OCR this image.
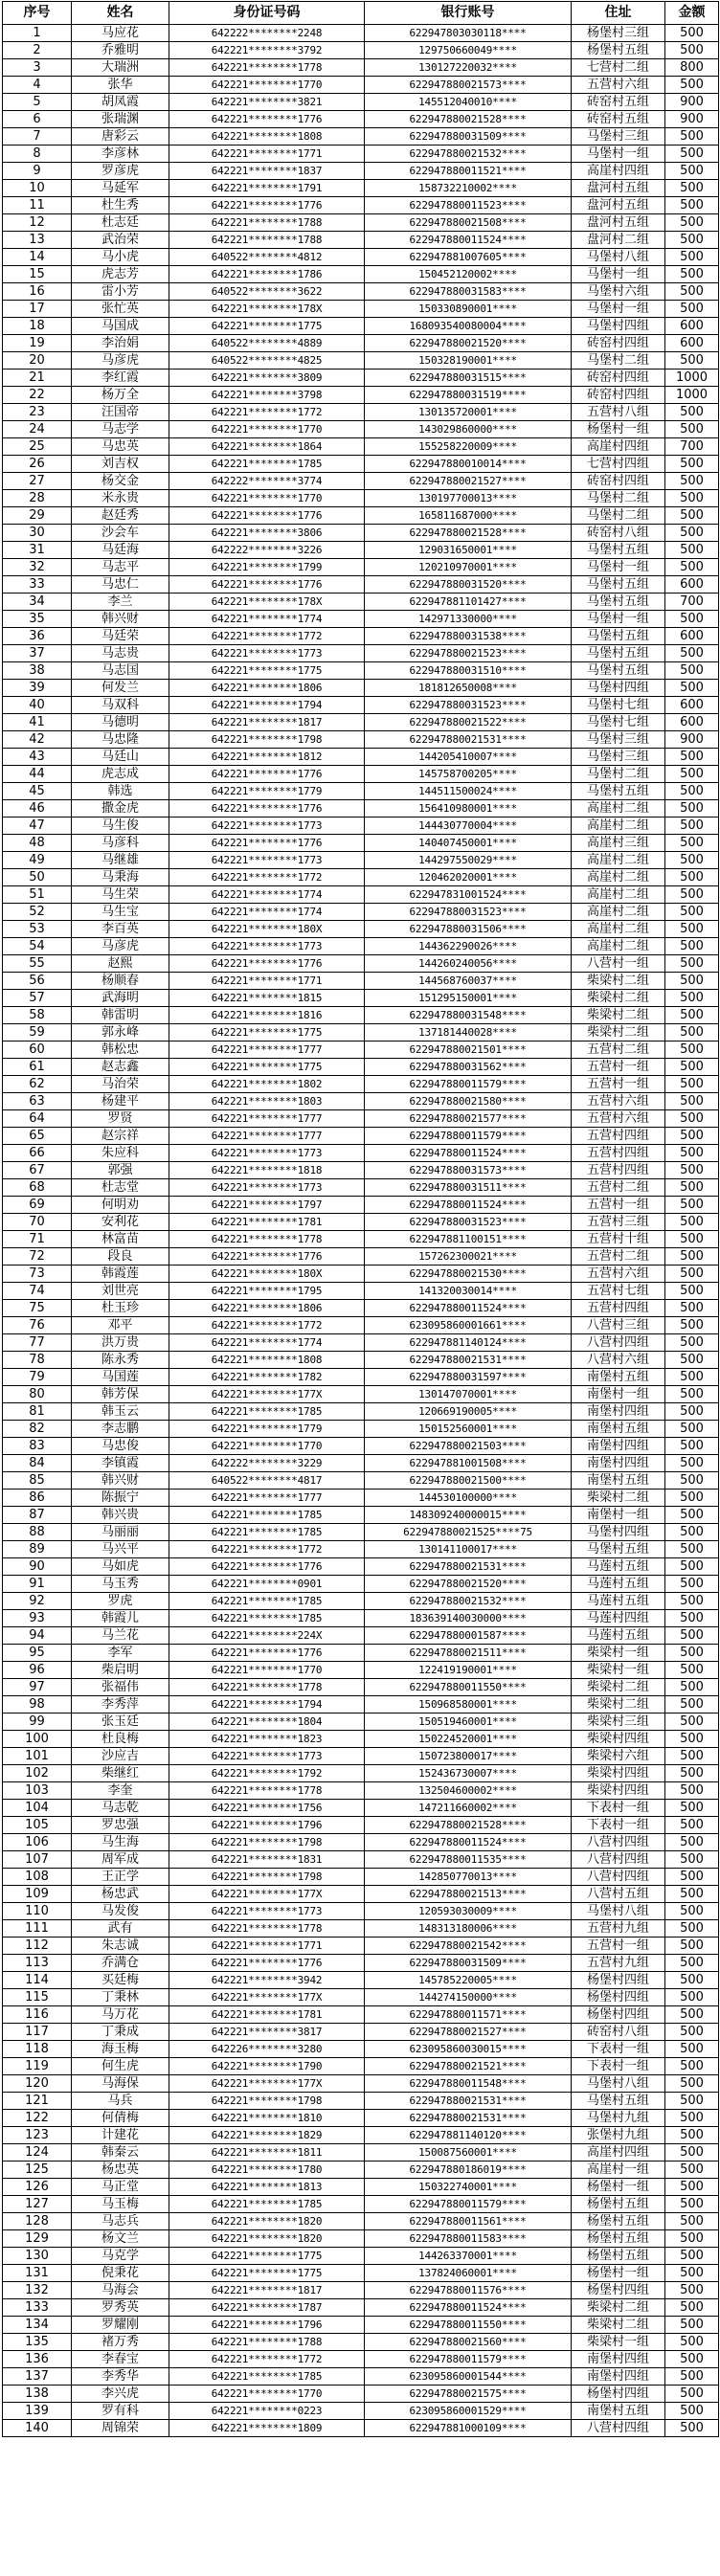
序号	姓名	身份证号码	银行账号	住址	金额
1	马应花	642222********2248	622947803030118****	杨堡村三组	500
2	乔雅明	642221********3792	129750660049****	杨堡村五组	500
3	大瑞洲	642221********1778	130127220032****	七营村二组	800
4	张华	642221********1770	622947880021573****	五营村六组	500
5	胡凤霞	642221********3821	145512040010****	砖窑村五组	900
6	张瑞渊	642221********1776	622947880021528****	砖窑村五组	900
7	唐彩云	642221********1808	622947880031509****	马堡村三组	500
8	李彦林	642221********1771	622947880021532****	马堡村一组	500
9	罗彦虎	642221********1837	622947880011521****	高崖村四组	500
10	马延军	642221********1791	158732210002****	盘河村五组	500
11	杜生秀	642221********1776	622947880011523****	盘河村五组	500
12	杜志廷	642221********1788	622947880021508****	盘河村五组	500
13	武治荣	642221********1788	622947880011524****	盘河村二组	500
14	马小虎	640522********4812	622947881007605****	马堡村八组	500
15	虎志芳	642221********1786	150452120002****	马堡村一组	500
16	雷小芳	640522********3622	622947880031583****	马堡村六组	500
17	张忙英	642221********178X	150330890001****	马堡村一组	500
18	马国成	642221********1775	168093540080004****	马堡村四组	600
19	李治娟	640522********4889	622947880021520****	砖窑村四组	600
20	马彦虎	640522********4825	150328190001****	马堡村二组	500
21	李红霞	642221********3809	622947880031515****	砖窑村四组	1000
22	杨万全	642221********3798	622947880031519****	砖窑村四组	1000
23	汪国帝	642221********1772	130135720001****	五营村八组	500
24	马志学	642221********1770	143029860000****	杨堡村一组	500
25	马忠英	642221********1864	155258220009****	高崖村四组	700
26	刘吉权	642221********1785	622947880010014****	七营村四组	500
27	杨交金	642222********3774	622947880021527****	砖窑村四组	500
28	米永贵	642221********1770	130197700013****	马堡村二组	500
29	赵廷秀	642221********1776	165811687000****	马堡村二组	500
30	沙会车	642221********3806	622947880021528****	砖窑村八组	500
31	马廷海	642222********3226	129031650001****	马堡村五组	500
32	马志平	642221********1799	120210970001****	马堡村一组	500
33	马忠仁	642221********1776	622947880031520****	马堡村五组	600
34	李兰	642221********178X	622947881101427****	马堡村五组	700
35	韩兴财	642221********1774	142971330000****	马堡村一组	500
36	马廷荣	642221********1772	622947880031538****	马堡村五组	600
37	马志贵	642221********1773	622947880021523****	马堡村五组	500
38	马志国	642221********1775	622947880031510****	马堡村五组	500
39	何发兰	642221********1806	181812650008****	马堡村四组	500
40	马双科	642221********1794	622947880031523****	马堡村七组	600
41	马德明	642221********1817	622947880021522****	马堡村七组	600
42	马忠隆	642221********1798	622947880021531****	马堡村三组	900
43	马廷山	642221********1812	144205410007****	马堡村三组	500
44	虎志成	642221********1776	145758700205****	马堡村二组	500
45	韩选	642221********1779	144511500024****	马堡村五组	500
46	撒金虎	642221********1776	156410980001****	高崖村二组	500
47	马生俊	642221********1773	144430770004****	高崖村二组	500
48	马彦科	642221********1776	140407450001****	高崖村三组	500
49	马继雄	642221********1773	144297550029****	高崖村二组	500
50	马秉海	642221********1772	120462020001****	高崖村二组	500
51	马生荣	642221********1774	622947831001524****	高崖村二组	500
52	马生宝	642221********1774	622947880031523****	高崖村二组	500
53	李百英	642221********180X	622947880031506****	高崖村二组	500
54	马彦虎	642221********1773	144362290026****	高崖村二组	500
55	赵熙	642221********1776	144260240056****	八营村一组	500
56	杨顺春	642221********1771	144568760037****	柴梁村二组	500
57	武海明	642221********1815	151295150001****	柴梁村二组	500
58	韩雷明	642221********1816	622947880031548****	柴梁村二组	500
59	郭永峰	642221********1775	137181440028****	柴梁村二组	500
60	韩松忠	642221********1777	622947880021501****	五营村二组	500
61	赵志鑫	642221********1775	622947880031562****	五营村一组	500
62	马治荣	642221********1802	622947880011579****	五营村一组	500
63	杨建平	642221********1803	622947880021580****	五营村六组	500
64	罗贤	642221********1777	622947880021577****	五营村六组	500
65	赵宗祥	642221********1777	622947880011579****	五营村四组	500
66	朱应科	642221********1773	622947880011524****	五营村四组	500
67	郭强	642221********1818	622947880031573****	五营村四组	500
68	杜志堂	642221********1773	622947880031511****	五营村二组	500
69	何明劝	642221********1797	622947880011524****	五营村一组	500
70	安利花	642221********1781	622947880031523****	五营村三组	500
71	林富苗	642221********1778	622947881100151****	五营村十组	500
72	段良	642221********1776	157262300021****	五营村二组	500
73	韩霞莲	642221********180X	622947880021530****	五营村六组	500
74	刘世亮	642221********1795	141320030014****	五营村七组	500
75	杜玉珍	642221********1806	622947880011524****	五营村四组	500
76	邓平	642221********1772	623095860001661****	八营村三组	500
77	洪万贵	642221********1774	622947881140124****	八营村四组	500
78	陈永秀	642221********1808	622947880021531****	八营村六组	500
79	马国莲	642221********1782	622947880031597****	南堡村五组	500
80	韩芳保	642221********177X	130147070001****	南堡村一组	500
81	韩玉云	642221********1785	120669190005****	南堡村四组	500
82	李志鹏	642221********1779	150152560001****	南堡村五组	500
83	马忠俊	642221********1770	622947880021503****	南堡村四组	500
84	李镇霞	642222********3229	622947881001508****	南堡村四组	500
85	韩兴财	640522********4817	622947880021500****	南堡村五组	500
86	陈振宁	642221********1777	144530100000****	柴梁村二组	500
87	韩兴贵	642221********1785	148309240000015****	南堡村一组	500
88	马丽丽	642221********1785	622947880021525****75	马堡村四组	500
89	马兴平	642221********1772	130141100017****	马堡村五组	500
90	马如虎	642221********1776	622947880021531****	马莲村五组	500
91	马玉秀	642221********0901	622947880021520****	马莲村五组	500
92	罗虎	642221********1785	622947880021532****	马莲村五组	500
93	韩霞儿	642221********1785	183639140030000****	马莲村四组	500
94	马兰花	642221********224X	622947880001587****	马莲村五组	500
95	李军	642221********1776	622947880021511****	柴梁村一组	500
96	柴启明	642221********1770	122419190001****	柴梁村一组	500
97	张福伟	642221********1778	622947880011550****	柴梁村二组	500
98	李秀萍	642221********1794	150968580001****	柴梁村二组	500
99	张玉廷	642221********1804	150519460001****	柴梁村三组	500
100	杜良梅	642221********1823	150224520001****	柴梁村四组	500
101	沙应吉	642221********1773	150723800017****	柴梁村六组	500
102	柴继红	642221********1792	152436730007****	柴梁村四组	500
103	李奎	642221********1778	132504600002****	柴梁村四组	500
104	马志乾	642221********1756	147211660002****	下表村一组	500
105	罗忠强	642221********1796	622947880021528****	下表村一组	500
106	马生海	642221********1798	622947880011524****	八营村四组	500
107	周军成	642221********1831	622947880011535****	八营村四组	500
108	王正学	642221********1798	142850770013****	八营村四组	500
109	杨忠武	642221********177X	622947880021513****	八营村五组	500
110	马发俊	642221********1773	120593030009****	马堡村八组	500
111	武有	642221********1778	148313180006****	五营村九组	500
112	朱志诚	642221********1771	622947880021542****	五营村一组	500
113	乔满仓	642221********1776	622947880031509****	五营村九组	500
114	买廷梅	642221********3942	145785220005****	杨堡村四组	500
115	丁秉林	642221********177X	144274150000****	杨堡村四组	500
116	马万花	642221********1781	622947880011571****	杨堡村四组	500
117	丁秉成	642221********3817	622947880021527****	砖窑村八组	500
118	海玉梅	642226********3280	623095860030015****	下表村一组	500
119	何生虎	642221********1790	622947880021521****	下表村一组	500
120	马海保	642221********177X	622947880011548****	马堡村八组	500
121	马兵	642221********1798	622947880021531****	马堡村五组	500
122	何倩梅	642221********1810	622947880021531****	马堡村九组	500
123	计建花	642221********1829	622947881140120****	张堡村九组	500
124	韩秦云	642221********1811	150087560001****	高崖村四组	500
125	杨忠英	642221********1780	622947880186019****	高崖村一组	500
126	马正堂	642221********1813	150322740001****	杨堡村一组	500
127	马玉梅	642221********1785	622947880011579****	杨堡村五组	500
128	马志兵	642221********1820	622947880011561****	杨堡村五组	500
129	杨文兰	642221********1820	622947880011583****	杨堡村五组	500
130	马克学	642221********1775	144263370001****	杨堡村五组	500
131	倪秉花	642221********1775	137824060001****	杨堡村一组	500
132	马海会	642221********1817	622947880011576****	杨堡村四组	500
133	罗秀英	642221********1787	622947880011524****	柴梁村二组	500
134	罗耀刚	642221********1796	622947880011550****	柴梁村二组	500
135	褚万秀	642221********1788	622947880021560****	柴梁村一组	500
136	李春宝	642221********1772	622947880011579****	南堡村四组	500
137	李秀华	642221********1785	623095860001544****	南堡村四组	500
138	李兴虎	642221********1770	622947880021575****	杨堡村四组	500
139	罗有科	642221********0223	623095860001529****	南堡村五组	500
140	周锦荣	642221********1809	622947881000109****	八营村四组	500
